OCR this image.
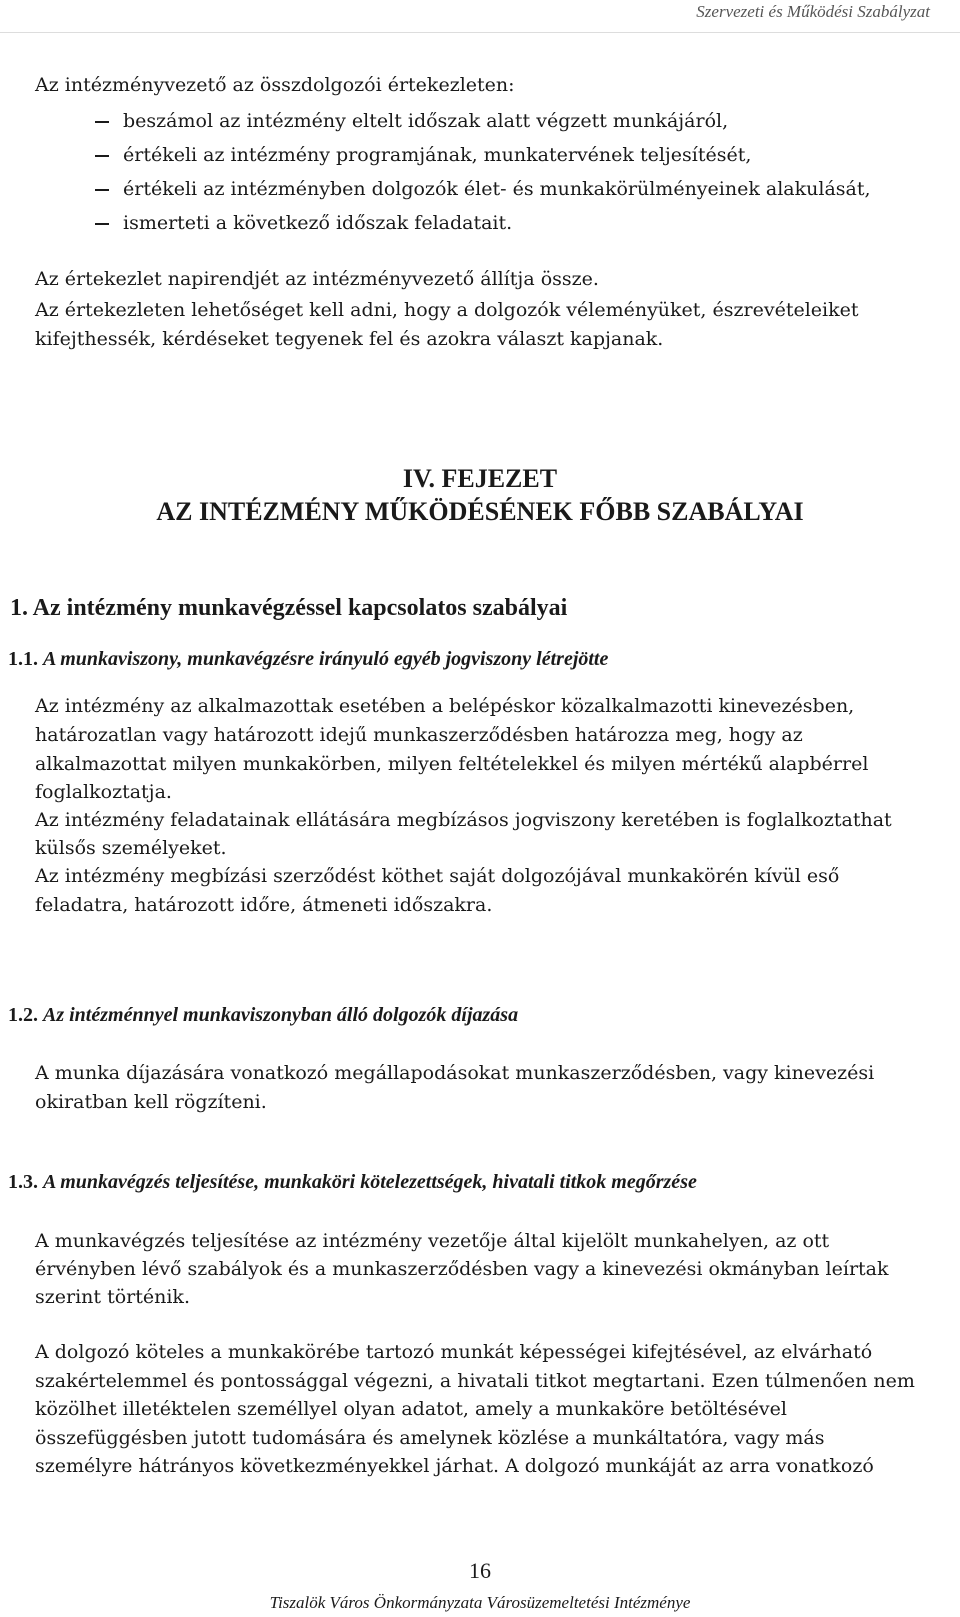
Szervezeti és Működési Szabályzat

Az intézményvezető az összdolgozói értekezleten:

beszámol az intézmény eltelt időszak alatt végzett munkájáról,
értékeli az intézmény programjának, munkatervének teljesítését,
értékeli az intézményben dolgozók élet- és munkakörülményeinek alakulását,
ismerteti a következő időszak feladatait.

Az értekezlet napirendjét az intézményvezető állítja össze.

Az értekezleten lehetőséget kell adni, hogy a dolgozók véleményüket, észrevételeiket

kifejthessék, kérdéseket tegyenek fel és azokra választ kapjanak.

IV. FEJEZET
AZ INTÉZMÉNY MŰKÖDÉSÉNEK FŐBB SZABÁLYAI
1. Az intézmény munkavégzéssel kapcsolatos szabályai
1.1. A munkaviszony, munkavégzésre irányuló egyéb jogviszony létrejötte

Az intézmény az alkalmazottak esetében a belépéskor közalkalmazotti kinevezésben,

határozatlan vagy határozott idejű munkaszerződésben határozza meg, hogy az

alkalmazottat milyen munkakörben, milyen feltételekkel és milyen mértékű alapbérrel

foglalkoztatja.

Az intézmény feladatainak ellátására megbízásos jogviszony keretében is foglalkoztathat

külsős személyeket.

Az intézmény megbízási szerződést köthet saját dolgozójával munkakörén kívül eső

feladatra, határozott időre, átmeneti időszakra.

1.2. Az intézménnyel munkaviszonyban álló dolgozók díjazása

A munka díjazására vonatkozó megállapodásokat munkaszerződésben, vagy kinevezési

okiratban kell rögzíteni.

1.3. A munkavégzés teljesítése, munkaköri kötelezettségek, hivatali titkok megőrzése

A munkavégzés teljesítése az intézmény vezetője által kijelölt munkahelyen, az ott

érvényben lévő szabályok és a munkaszerződésben vagy a kinevezési okmányban leírtak

szerint történik.

A dolgozó köteles a munkakörébe tartozó munkát képességei kifejtésével, az elvárható

szakértelemmel és pontossággal végezni, a hivatali titkot megtartani. Ezen túlmenően nem

közölhet illetéktelen személlyel olyan adatot, amely a munkaköre betöltésével

összefüggésben jutott tudomására és amelynek közlése a munkáltatóra, vagy más

személyre hátrányos következményekkel járhat. A dolgozó munkáját az arra vonatkozó

16
Tiszalök Város Önkormányzata Városüzemeltetési Intézménye
